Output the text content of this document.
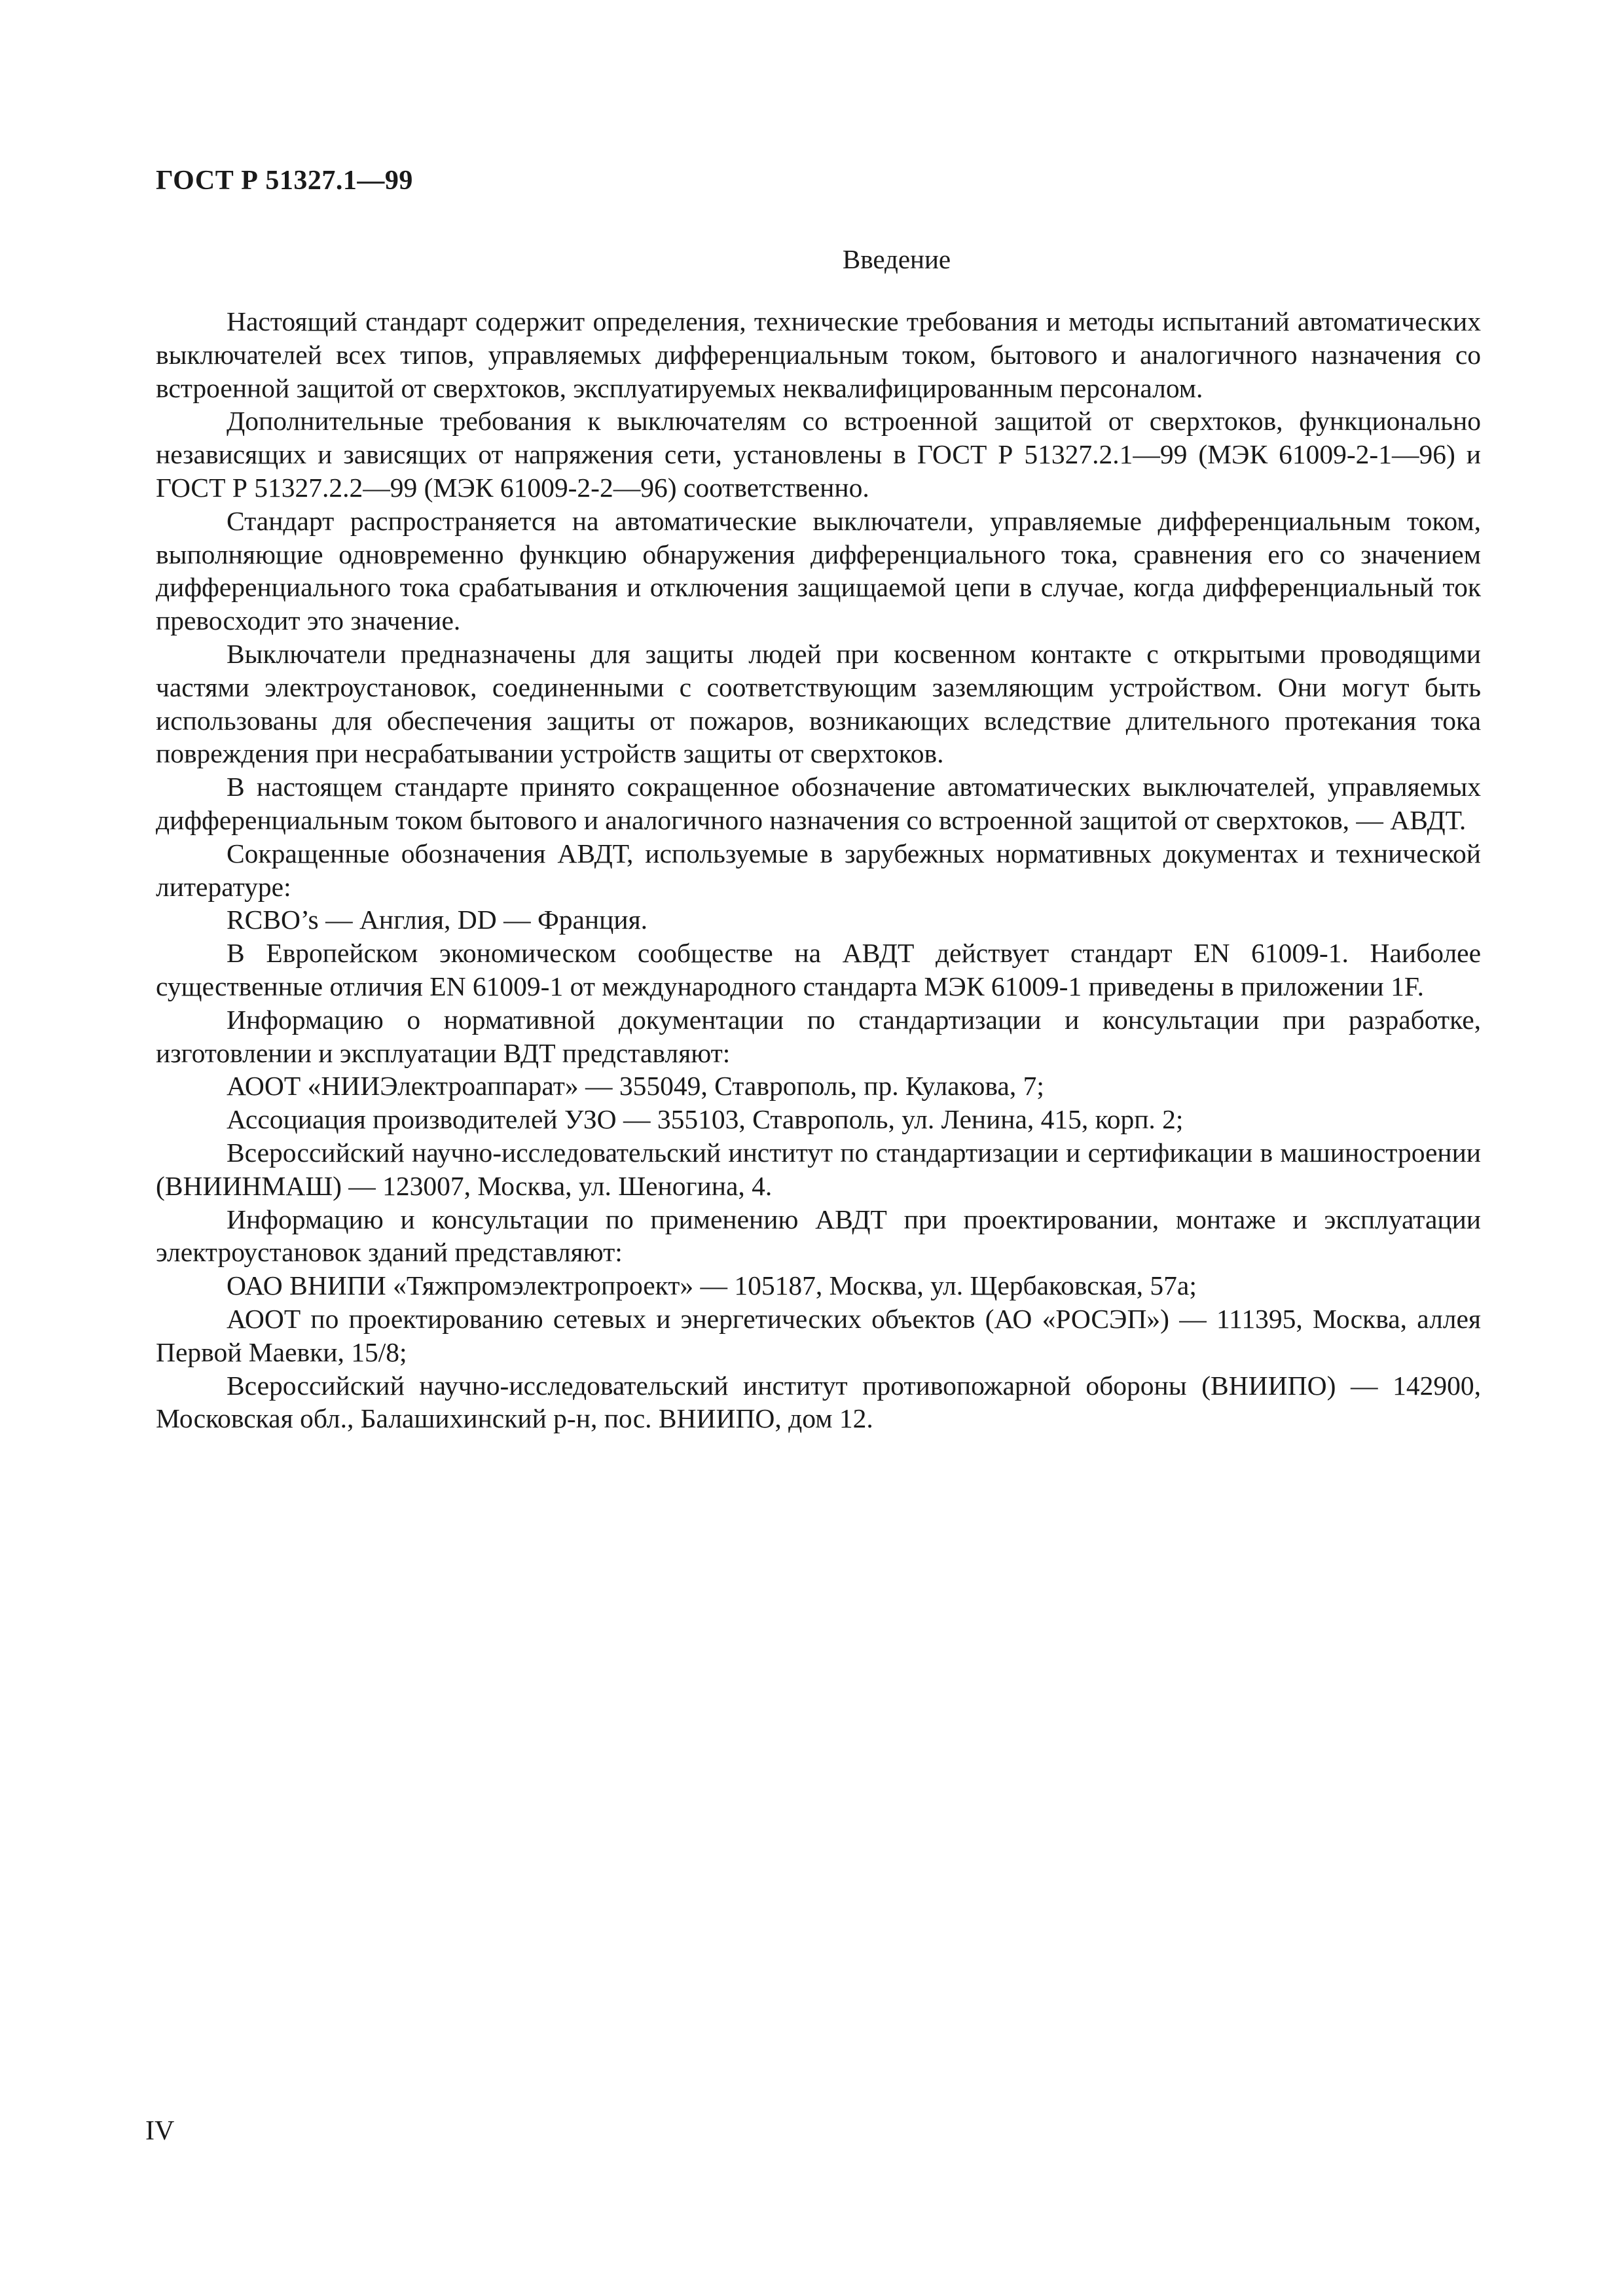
ГОСТ Р 51327.1—99
Введение

Настоящий стандарт содержит определения, технические требования и методы испытаний автоматических выключателей всех типов, управляемых дифференциальным током, бытового и аналогичного назначения со встроенной защитой от сверхтоков, эксплуатируемых неквалифицированным персоналом.

Дополнительные требования к выключателям со встроенной защитой от сверхтоков, функционально независящих и зависящих от напряжения сети, установлены в ГОСТ Р 51327.2.1—99 (МЭК 61009-2-1—96) и ГОСТ Р 51327.2.2—99 (МЭК 61009-2-2—96) соответственно.

Стандарт распространяется на автоматические выключатели, управляемые дифференциальным током, выполняющие одновременно функцию обнаружения дифференциального тока, сравнения его со значением дифференциального тока срабатывания и отключения защищаемой цепи в случае, когда дифференциальный ток превосходит это значение.

Выключатели предназначены для защиты людей при косвенном контакте с открытыми проводящими частями электроустановок, соединенными с соответствующим заземляющим устройством. Они могут быть использованы для обеспечения защиты от пожаров, возникающих вследствие длительного протекания тока повреждения при несрабатывании устройств защиты от сверхтоков.

В настоящем стандарте принято сокращенное обозначение автоматических выключателей, управляемых дифференциальным током бытового и аналогичного назначения со встроенной защитой от сверхтоков, — АВДТ.

Сокращенные обозначения АВДТ, используемые в зарубежных нормативных документах и технической литературе:

RCBO’s — Англия, DD — Франция.

В Европейском экономическом сообществе на АВДТ действует стандарт EN 61009-1. Наиболее существенные отличия EN 61009-1 от международного стандарта МЭК 61009-1 приведены в приложении 1F.

Информацию о нормативной документации по стандартизации и консультации при разработке, изготовлении и эксплуатации ВДТ представляют:

АООТ «НИИЭлектроаппарат» — 355049, Ставрополь, пр. Кулакова, 7;

Ассоциация производителей УЗО — 355103, Ставрополь, ул. Ленина, 415, корп. 2;

Всероссийский научно-исследовательский институт по стандартизации и сертификации в машиностроении (ВНИИНМАШ) — 123007, Москва, ул. Шеногина, 4.

Информацию и консультации по применению АВДТ при проектировании, монтаже и эксплуатации электроустановок зданий представляют:

ОАО ВНИПИ «Тяжпромэлектропроект» — 105187, Москва, ул. Щербаковская, 57а;

АООТ по проектированию сетевых и энергетических объектов (АО «РОСЭП») — 111395, Москва, аллея Первой Маевки, 15/8;

Всероссийский научно-исследовательский институт противопожарной обороны (ВНИИПО) — 142900, Московская обл., Балашихинский р-н, пос. ВНИИПО, дом 12.

IV
